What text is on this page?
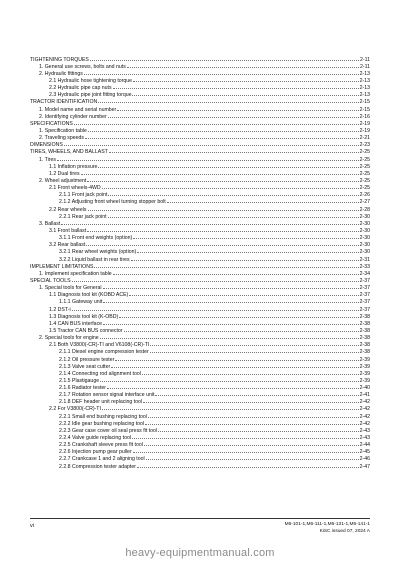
TIGHTENING TORQUES	2-11
1. General use screws, bolts and nuts	2-11
2. Hydraulic fittings	2-13
2.1 Hydraulic hose tightening torque	2-13
2.2 Hydraulic pipe cap nuts	2-13
2.3 Hydraulic pipe joint fitting torque	2-13
TRACTOR IDENTIFICATION	2-15
1. Model name and serial number	2-15
2. Identifying cylinder number	2-16
SPECIFICATIONS	2-19
1. Specification table	2-19
2. Traveling speeds	2-21
DIMENSIONS	2-23
TIRES, WHEELS, AND BALLAST	2-25
1. Tires	2-25
1.1 Inflation pressure	2-25
1.2 Dual tires	2-25
2. Wheel adjustment	2-25
2.1 Front wheels-4WD	2-25
2.1.1 Front jack point	2-26
2.1.2 Adjusting front wheel turning stopper bolt	2-27
2.2 Rear wheels	2-28
2.2.1 Rear jack point	2-30
3. Ballast	2-30
3.1 Front ballast	2-30
3.1.1 Front end weights (option)	2-30
3.2 Rear ballast	2-30
3.2.1 Rear wheel weights (option)	2-30
3.2.2 Liquid ballast in rear tires	2-31
IMPLEMENT LIMITATIONS	2-33
1. Implement specification table	2-34
SPECIAL TOOLS	2-37
1. Special tools for General	2-37
1.1 Diagnosis tool kit (KOBD ACE)	2-37
1.1.1 Gateway unit	2-37
1.2 DST-i	2-37
1.3 Diagnosis tool kit (K-OBD)	2-38
1.4 CAN BUS interface	2-38
1.5 Tractor CAN BUS connector	2-38
2. Special tools for engine	2-38
2.1 Both V3800(-CR)-TI and V6108(-CR)-TI	2-38
2.1.1 Diesel engine compression tester	2-38
2.1.2 Oil pressure tester	2-39
2.1.3 Valve seat cutter	2-39
2.1.4 Connecting rod alignment tool	2-39
2.1.5 Plastigauge	2-39
2.1.6 Radiator tester	2-40
2.1.7 Rotation sensor signal interface unit	2-41
2.1.8 DEF header unit replacing tool	2-42
2.2 For V3800(-CR)-TI	2-42
2.2.1 Small end bushing replacing tool	2-42
2.2.2 Idle gear bushing replacing tool	2-42
2.2.3 Gear case cover oil seal press fit tool	2-43
2.2.4 Valve guide replacing tool	2-43
2.2.5 Crankshaft sleeve press fit tool	2-44
2.2.6 Injection pump gear puller	2-45
2.2.7 Crankcase 1 and 2 aligning tool	2-46
2.2.8 Compression tester adapter	2-47
vi	M6-101-1,M6-111-1,M6-131-1,M6-141-1
KiSC issued 07, 2024 A
heavy-equipmentmanual.com
